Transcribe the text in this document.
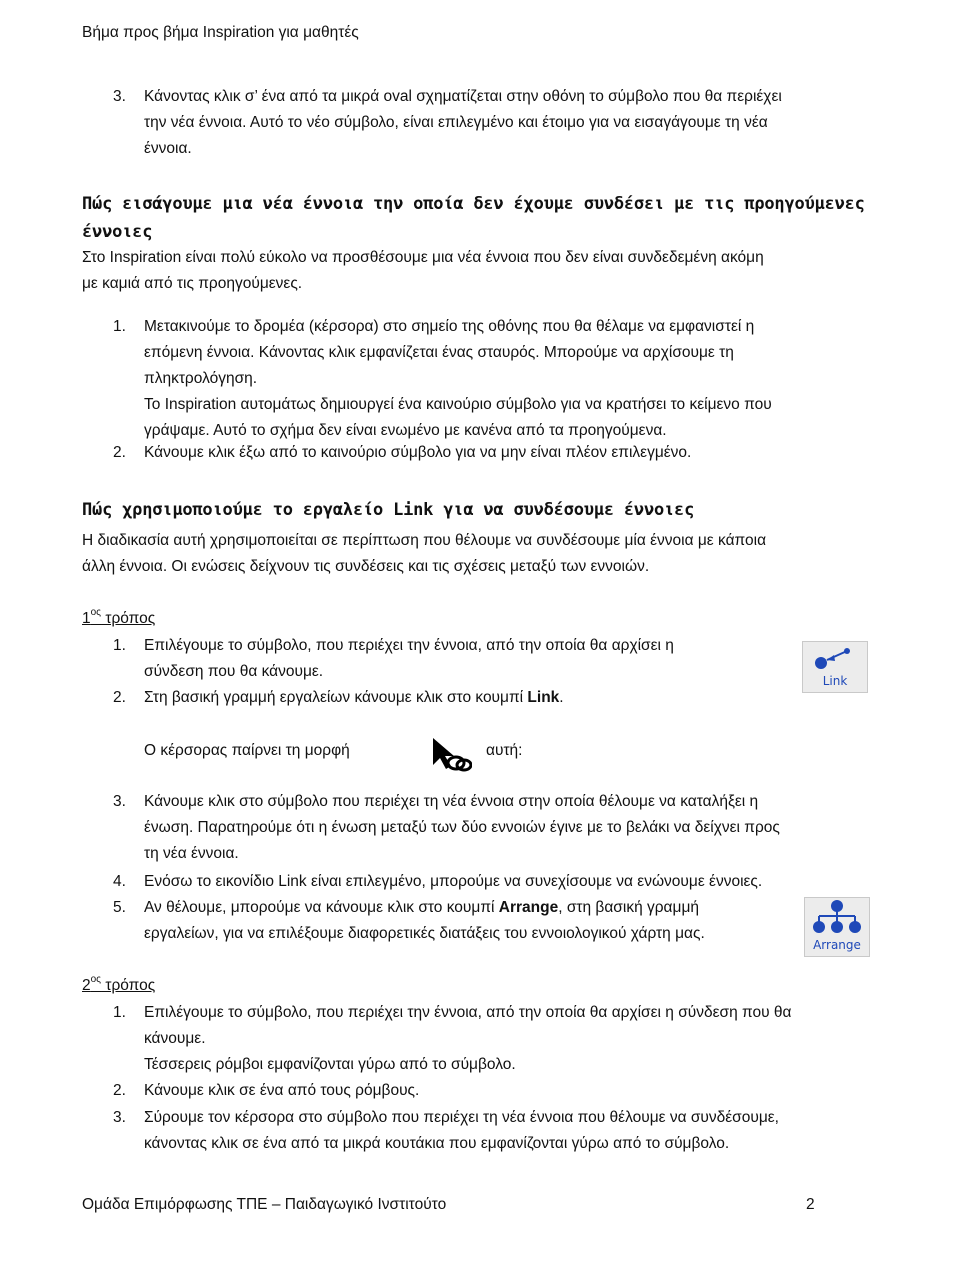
Βήμα προς βήμα Inspiration για μαθητές
3. Κάνοντας κλικ σ’ ένα από τα μικρά oval σχηματίζεται στην οθόνη το σύμβολο που θα περιέχει
την νέα έννοια. Αυτό το νέο σύμβολο, είναι επιλεγμένο και έτοιμο για να εισαγάγουμε τη νέα
έννοια.
Πώς εισάγουμε μια νέα έννοια την οποία δεν έχουμε συνδέσει με τις προηγούμενες
έννοιες
Στο Inspiration είναι πολύ εύκολο να προσθέσουμε μια νέα έννοια που δεν είναι συνδεδεμένη ακόμη
με καμιά από τις προηγούμενες.
1. Μετακινούμε το δρομέα (κέρσορα) στο σημείο της οθόνης που θα θέλαμε να εμφανιστεί η
επόμενη έννοια. Κάνοντας κλικ εμφανίζεται ένας σταυρός. Μπορούμε να αρχίσουμε τη
πληκτρολόγηση.
Το Inspiration αυτομάτως δημιουργεί ένα καινούριο σύμβολο για να κρατήσει το κείμενο που
γράψαμε. Αυτό το σχήμα δεν είναι ενωμένο με κανένα από τα προηγούμενα.
2. Κάνουμε κλικ έξω από το καινούριο σύμβολο για να μην είναι πλέον επιλεγμένο.
Πώς χρησιμοποιούμε το εργαλείο Link για να συνδέσουμε έννοιες
Η διαδικασία αυτή χρησιμοποιείται σε περίπτωση που θέλουμε να συνδέσουμε μία έννοια με κάποια
άλλη έννοια. Οι ενώσεις δείχνουν τις συνδέσεις και τις σχέσεις μεταξύ των εννοιών.
$1^{o\varsigma}$ τρόπος
1. Επιλέγουμε το σύμβολο, που περιέχει την έννοια, από την οποία θα αρχίσει η
σύνδεση που θα κάνουμε.
2. Στη βασική γραμμή εργαλείων κάνουμε κλικ στο κουμπί Link.
Link
Ο κέρσορας παίρνει τη μορφή	αυτή:
3. Κάνουμε κλικ στο σύμβολο που περιέχει τη νέα έννοια στην οποία θέλουμε να καταλήξει η
ένωση. Παρατηρούμε ότι η ένωση μεταξύ των δύο εννοιών έγινε με το βελάκι να δείχνει προς
τη νέα έννοια.
4. Ενόσω το εικονίδιο Link είναι επιλεγμένο, μπορούμε να συνεχίσουμε να ενώνουμε έννοιες.
5. Αν θέλουμε, μπορούμε να κάνουμε κλικ στο κουμπί Arrange, στη βασική γραμμή
εργαλείων, για να επιλέξουμε διαφορετικές διατάξεις του εννοιολογικού χάρτη μας.
Arrange
$2^{o\varsigma}$ τρόπος
1. Επιλέγουμε το σύμβολο, που περιέχει την έννοια, από την οποία θα αρχίσει η σύνδεση που θα
κάνουμε.
Τέσσερεις ρόμβοι εμφανίζονται γύρω από το σύμβολο.
2. Κάνουμε κλικ σε ένα από τους ρόμβους.
3. Σύρουμε τον κέρσορα στο σύμβολο που περιέχει τη νέα έννοια που θέλουμε να συνδέσουμε,
κάνοντας κλικ σε ένα από τα μικρά κουτάκια που εμφανίζονται γύρω από το σύμβολο.
Ομάδα Επιμόρφωσης ΤΠΕ – Παιδαγωγικό Ινστιτούτο	2
